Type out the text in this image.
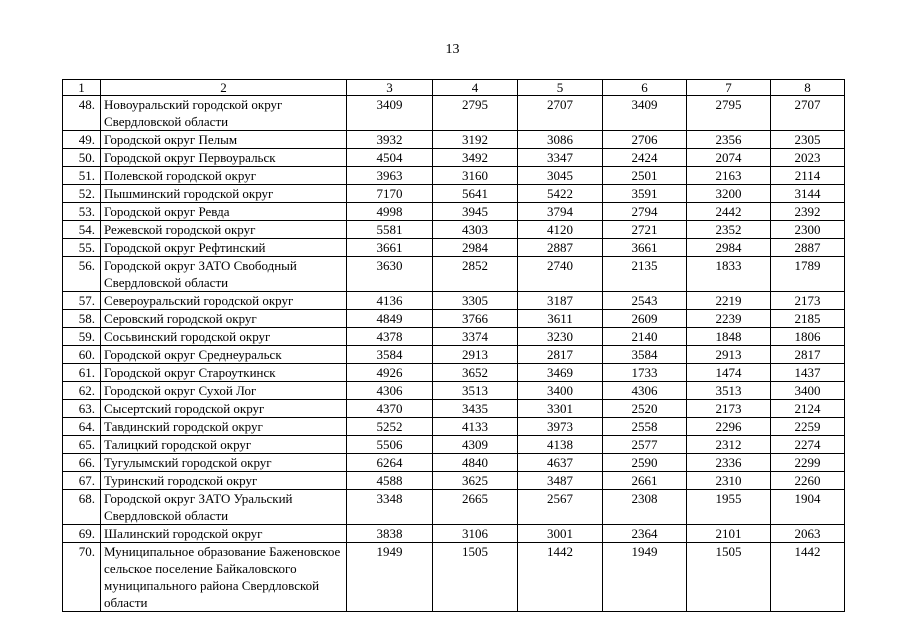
13
1	2	3	4	5	6	7	8
48.	Новоуральский городской округ Свердловской области	3409	2795	2707	3409	2795	2707
49.	Городской округ Пелым	3932	3192	3086	2706	2356	2305
50.	Городской округ Первоуральск	4504	3492	3347	2424	2074	2023
51.	Полевской городской округ	3963	3160	3045	2501	2163	2114
52.	Пышминский городской округ	7170	5641	5422	3591	3200	3144
53.	Городской округ Ревда	4998	3945	3794	2794	2442	2392
54.	Режевской городской округ	5581	4303	4120	2721	2352	2300
55.	Городской округ Рефтинский	3661	2984	2887	3661	2984	2887
56.	Городской округ ЗАТО Свободный Свердловской области	3630	2852	2740	2135	1833	1789
57.	Североуральский городской округ	4136	3305	3187	2543	2219	2173
58.	Серовский городской округ	4849	3766	3611	2609	2239	2185
59.	Сосьвинский городской округ	4378	3374	3230	2140	1848	1806
60.	Городской округ Среднеуральск	3584	2913	2817	3584	2913	2817
61.	Городской округ Староуткинск	4926	3652	3469	1733	1474	1437
62.	Городской округ Сухой Лог	4306	3513	3400	4306	3513	3400
63.	Сысертский городской округ	4370	3435	3301	2520	2173	2124
64.	Тавдинский городской округ	5252	4133	3973	2558	2296	2259
65.	Талицкий городской округ	5506	4309	4138	2577	2312	2274
66.	Тугулымский городской округ	6264	4840	4637	2590	2336	2299
67.	Туринский городской округ	4588	3625	3487	2661	2310	2260
68.	Городской округ ЗАТО Уральский Свердловской области	3348	2665	2567	2308	1955	1904
69.	Шалинский городской округ	3838	3106	3001	2364	2101	2063
70.	Муниципальное образование Баженовское сельское поселение Байкаловского муниципального района Свердловской области	1949	1505	1442	1949	1505	1442
